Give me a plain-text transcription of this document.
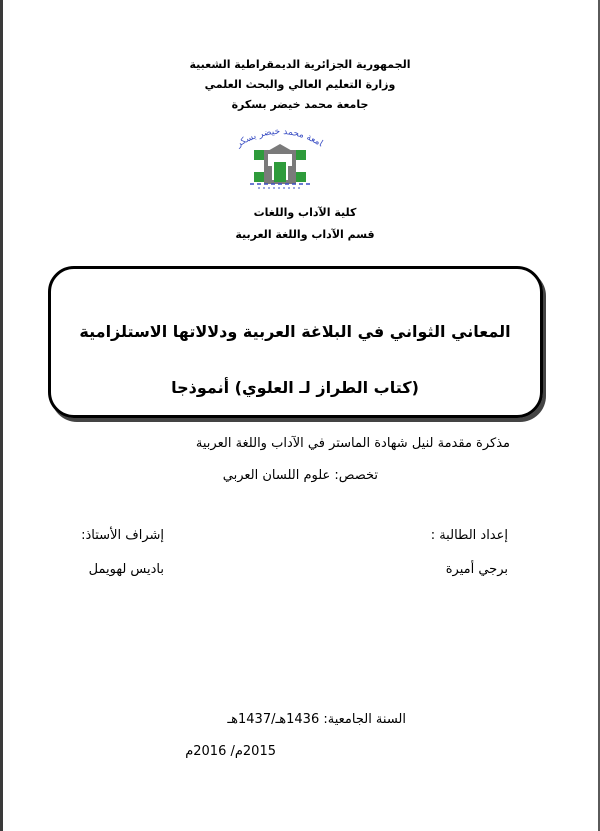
الجمهورية الجزائرية الديمقراطية الشعبية
وزارة التعليم العالي والبحث العلمي
جامعة محمد خيضر بسكرة
امعة محمد خيضر بسكر
كلية الآداب واللغات
قسم الآداب واللغة العربية
المعاني الثواني في البلاغة العربية ودلالاتها الاستلزامية
(كتاب الطراز لـ العلوي) أنموذجا
مذكرة مقدمة لنيل شهادة الماستر في الآداب واللغة العربية
تخصص: علوم اللسان العربي
إعداد الطالبة :
إشراف الأستاذ:
برجي أميرة
باديس لهويمل
السنة الجامعية: 1436هـ/1437هـ
2015م/ 2016م
